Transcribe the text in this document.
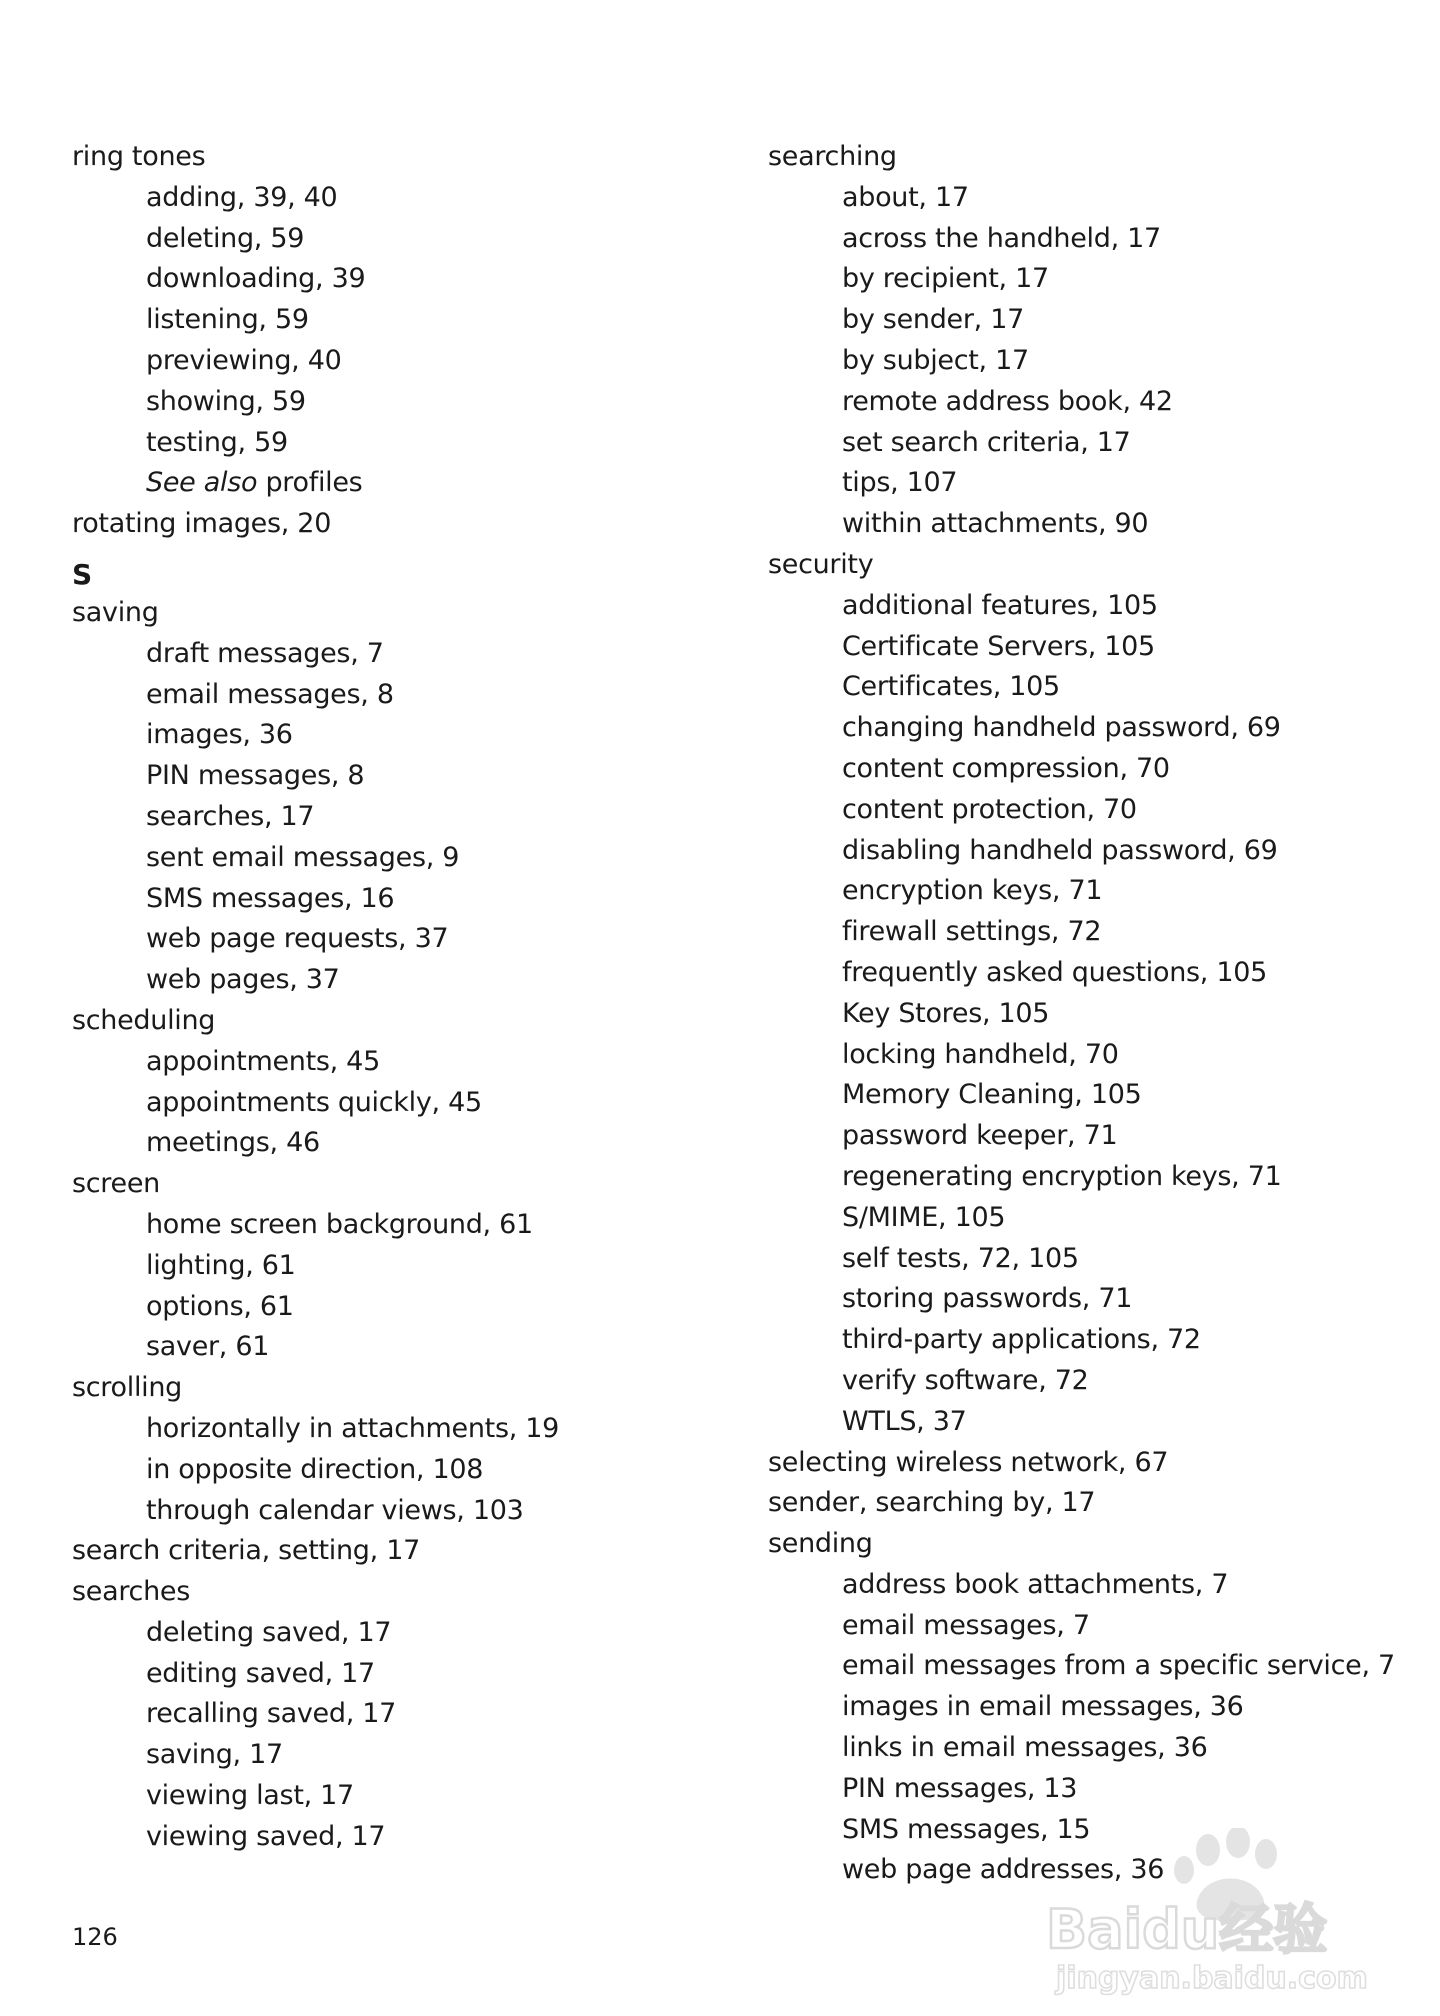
ring tones
adding, 39, 40
deleting, 59
downloading, 39
listening, 59
previewing, 40
showing, 59
testing, 59
See also profiles
rotating images, 20
S
saving
draft messages, 7
email messages, 8
images, 36
PIN messages, 8
searches, 17
sent email messages, 9
SMS messages, 16
web page requests, 37
web pages, 37
scheduling
appointments, 45
appointments quickly, 45
meetings, 46
screen
home screen background, 61
lighting, 61
options, 61
saver, 61
scrolling
horizontally in attachments, 19
in opposite direction, 108
through calendar views, 103
search criteria, setting, 17
searches
deleting saved, 17
editing saved, 17
recalling saved, 17
saving, 17
viewing last, 17
viewing saved, 17
searching
about, 17
across the handheld, 17
by recipient, 17
by sender, 17
by subject, 17
remote address book, 42
set search criteria, 17
tips, 107
within attachments, 90
security
additional features, 105
Certificate Servers, 105
Certificates, 105
changing handheld password, 69
content compression, 70
content protection, 70
disabling handheld password, 69
encryption keys, 71
firewall settings, 72
frequently asked questions, 105
Key Stores, 105
locking handheld, 70
Memory Cleaning, 105
password keeper, 71
regenerating encryption keys, 71
S/MIME, 105
self tests, 72, 105
storing passwords, 71
third-party applications, 72
verify software, 72
WTLS, 37
selecting wireless network, 67
sender, searching by, 17
sending
address book attachments, 7
email messages, 7
email messages from a specific service, 7
images in email messages, 36
links in email messages, 36
PIN messages, 13
SMS messages, 15
web page addresses, 36
126	Baidu经验
jingyan.baidu.com
